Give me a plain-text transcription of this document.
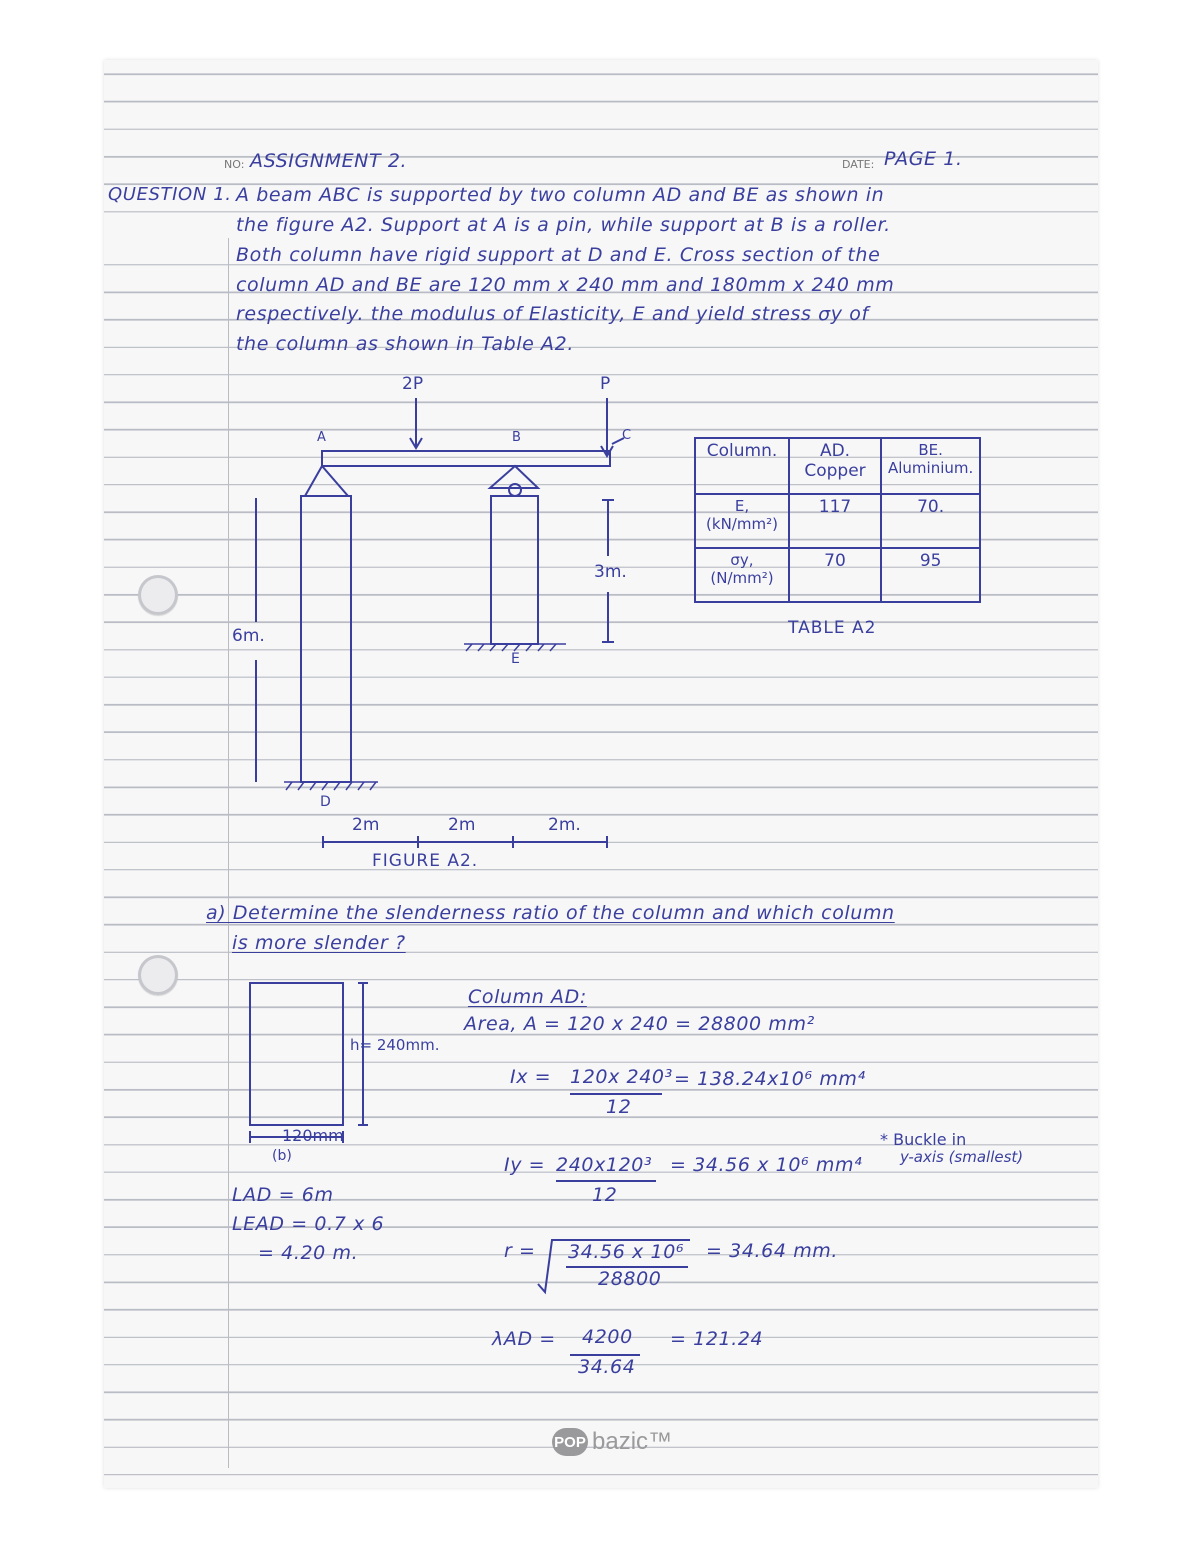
NO: ASSIGNMENT 2.	DATE: PAGE 1.
QUESTION 1. A beam ABC is supported by two column AD and BE as shown in
the figure A2. Support at A is a pin, while support at B is a roller.
Both column have rigid support at D and E. Cross section of the
column AD and BE are 120 mm x 240 mm and 180mm x 240 mm
respectively. the modulus of Elasticity, E and yield stress σy of
the column as shown in Table A2.
2P	P
A	B	C
D
E
3m.
6m.
2m	2m	2m.
FIGURE A2.
Column.	AD. Copper	BE. Aluminium.
E, (kN/mm²)	117	70.
σy, (N/mm²)	70	95
TABLE A2
a) Determine the slenderness ratio of the column and which column
is more slender ?
h= 240mm.
120mm
(b)
LAD = 6m
LEAD = 0.7 x 6
= 4.20 m.
Column AD:
Area, A = 120 x 240 = 28800 mm²
Ix = 120x 240³
12
= 138.24x10⁶ mm⁴
Iy = 240x120³
12
= 34.56 x 10⁶ mm⁴
* Buckle in
y-axis (smallest)
r = 34.56 x 10⁶
28800
= 34.64 mm.
λAD = 4200
34.64
= 121.24
POP bazic™
